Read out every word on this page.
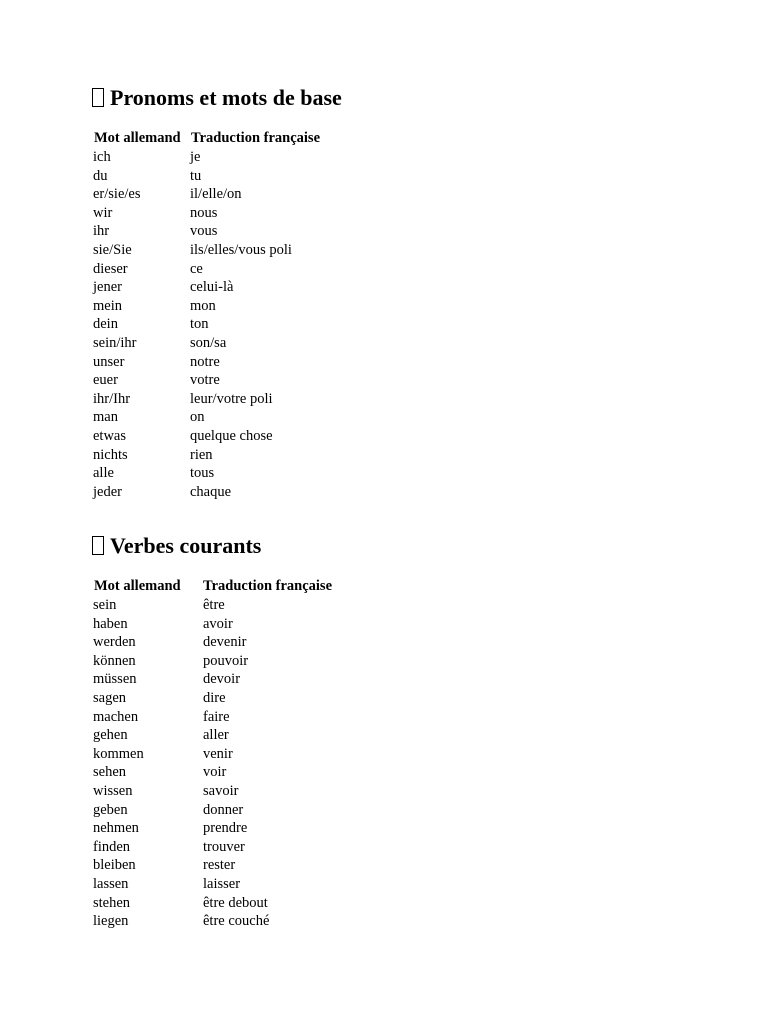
Pronoms et mots de base
Mot allemand	Traduction française
ich	je
du	tu
er/sie/es	il/elle/on
wir	nous
ihr	vous
sie/Sie	ils/elles/vous poli
dieser	ce
jener	celui-là
mein	mon
dein	ton
sein/ihr	son/sa
unser	notre
euer	votre
ihr/Ihr	leur/votre poli
man	on
etwas	quelque chose
nichts	rien
alle	tous
jeder	chaque
Verbes courants
Mot allemand	Traduction française
sein	être
haben	avoir
werden	devenir
können	pouvoir
müssen	devoir
sagen	dire
machen	faire
gehen	aller
kommen	venir
sehen	voir
wissen	savoir
geben	donner
nehmen	prendre
finden	trouver
bleiben	rester
lassen	laisser
stehen	être debout
liegen	être couché
